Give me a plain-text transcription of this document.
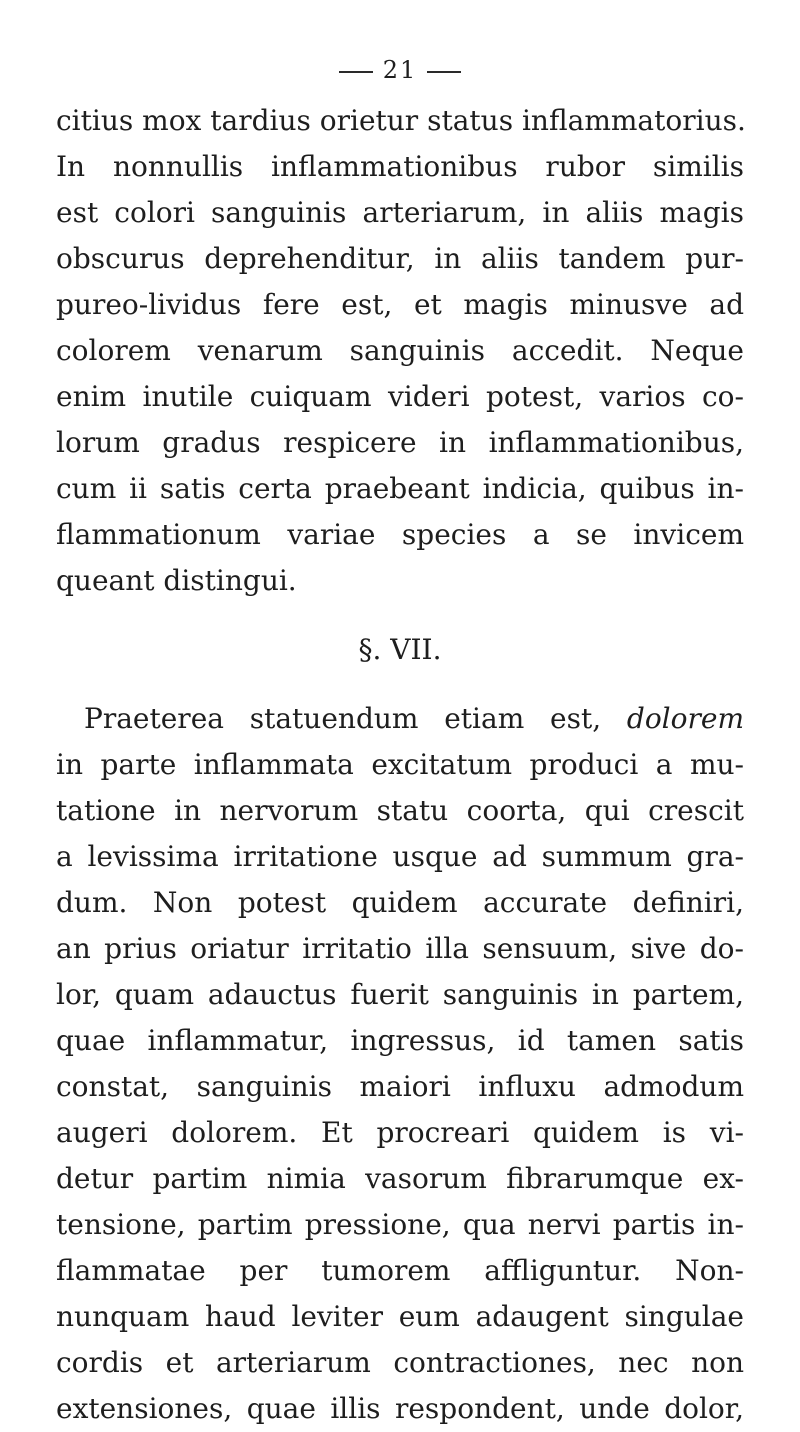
21
citius mox tardius orietur status inflammatorius.
In nonnullis inflammationibus rubor similis
est colori sanguinis arteriarum, in aliis magis
obscurus deprehenditur, in aliis tandem pur-
pureo-lividus fere est, et magis minusve ad
colorem venarum sanguinis accedit. Neque
enim inutile cuiquam videri potest, varios co-
lorum gradus respicere in inflammationibus,
cum ii satis certa praebeant indicia, quibus in-
flammationum variae species a se invicem
queant distingui.
§. VII.
Praeterea statuendum etiam est, dolorem
in parte inflammata excitatum produci a mu-
tatione in nervorum statu coorta, qui crescit
a levissima irritatione usque ad summum gra-
dum. Non potest quidem accurate definiri,
an prius oriatur irritatio illa sensuum, sive do-
lor, quam adauctus fuerit sanguinis in partem,
quae inflammatur, ingressus, id tamen satis
constat, sanguinis maiori influxu admodum
augeri dolorem. Et procreari quidem is vi-
detur partim nimia vasorum fibrarumque ex-
tensione, partim pressione, qua nervi partis in-
flammatae per tumorem affliguntur. Non-
nunquam haud leviter eum adaugent singulae
cordis et arteriarum contractiones, nec non
extensiones, quae illis respondent, unde dolor,
